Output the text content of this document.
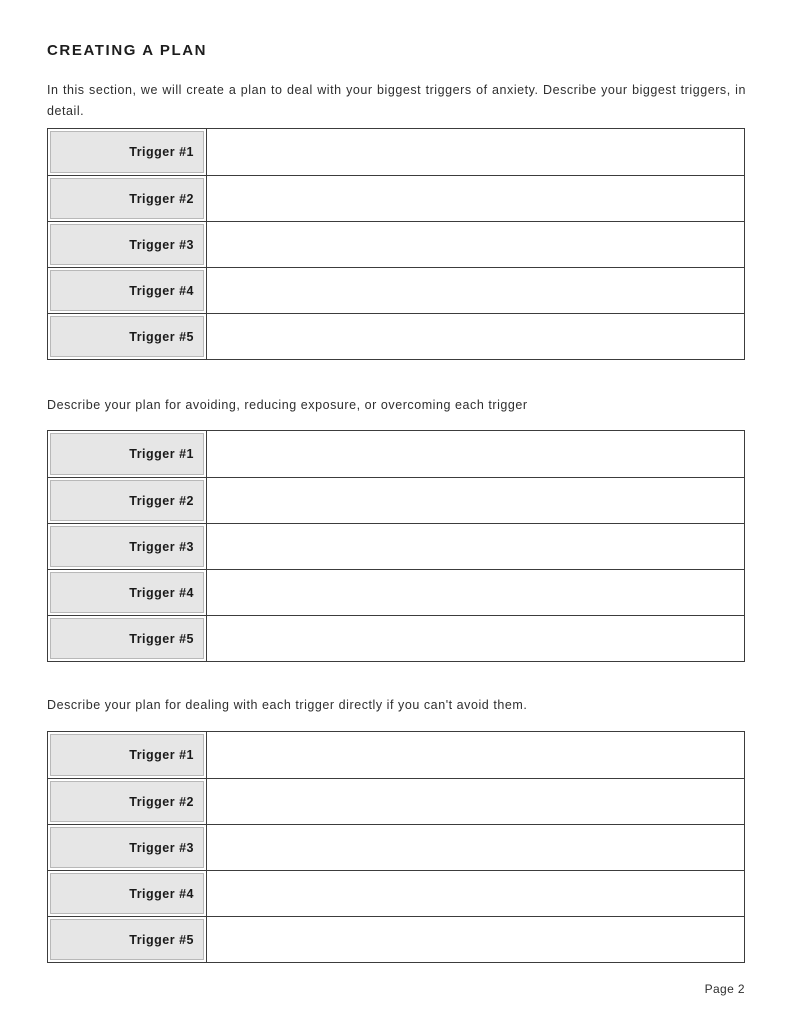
CREATING A PLAN
In this section, we will create a plan to deal with your biggest triggers of anxiety. Describe your biggest triggers, in detail.
Trigger #1
Trigger #2
Trigger #3
Trigger #4
Trigger #5
Describe your plan for avoiding, reducing exposure, or overcoming each trigger
Trigger #1
Trigger #2
Trigger #3
Trigger #4
Trigger #5
Describe your plan for dealing with each trigger directly if you can't avoid them.
Trigger #1
Trigger #2
Trigger #3
Trigger #4
Trigger #5
Page 2
